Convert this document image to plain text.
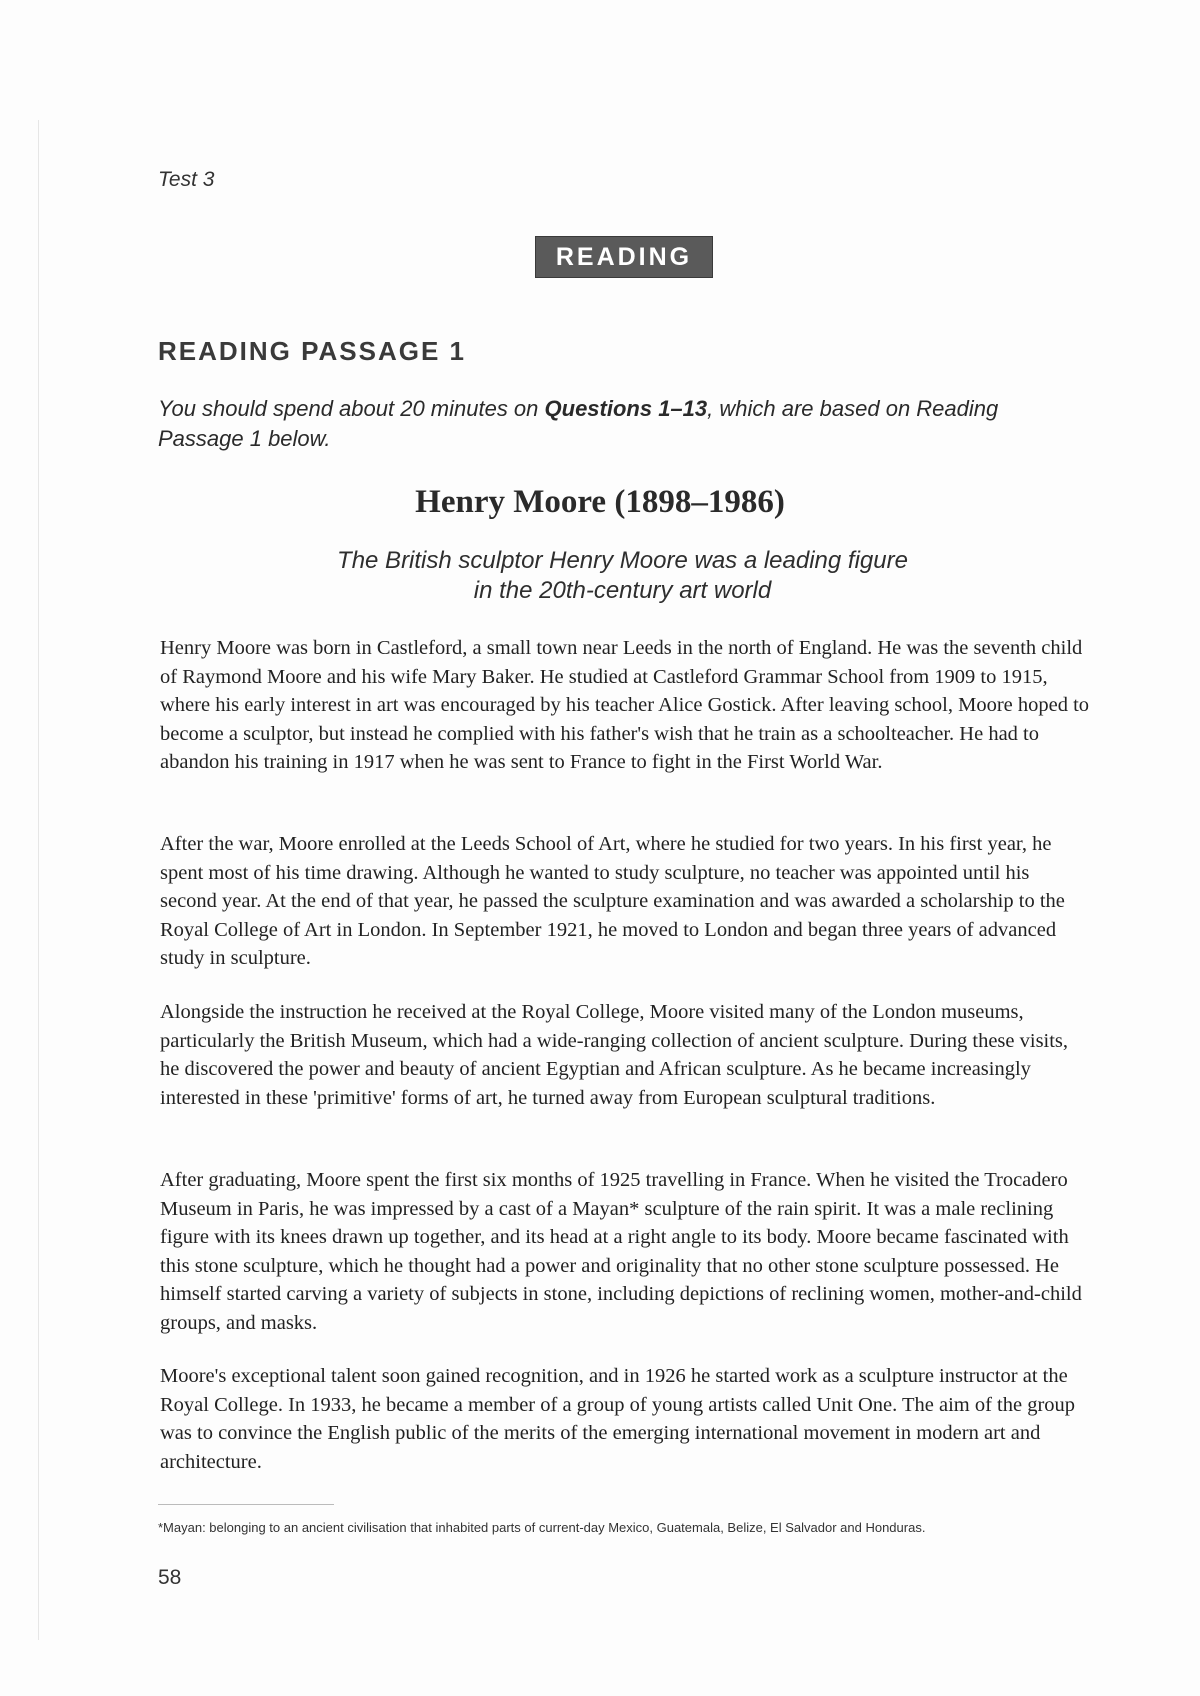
Test 3
READING
READING PASSAGE 1
You should spend about 20 minutes on Questions 1–13, which are based on Reading Passage 1 below.
Henry Moore (1898–1986)
The British sculptor Henry Moore was a leading figure
in the 20th-century art world

Henry Moore was born in Castleford, a small town near Leeds in the north of England. He was the seventh child of Raymond Moore and his wife Mary Baker. He studied at Castleford Grammar School from 1909 to 1915, where his early interest in art was encouraged by his teacher Alice Gostick. After leaving school, Moore hoped to become a sculptor, but instead he complied with his father's wish that he train as a schoolteacher. He had to abandon his training in 1917 when he was sent to France to fight in the First World War.

After the war, Moore enrolled at the Leeds School of Art, where he studied for two years. In his first year, he spent most of his time drawing. Although he wanted to study sculpture, no teacher was appointed until his second year. At the end of that year, he passed the sculpture examination and was awarded a scholarship to the Royal College of Art in London. In September 1921, he moved to London and began three years of advanced study in sculpture.

Alongside the instruction he received at the Royal College, Moore visited many of the London museums, particularly the British Museum, which had a wide-ranging collection of ancient sculpture. During these visits, he discovered the power and beauty of ancient Egyptian and African sculpture. As he became increasingly interested in these 'primitive' forms of art, he turned away from European sculptural traditions.

After graduating, Moore spent the first six months of 1925 travelling in France. When he visited the Trocadero Museum in Paris, he was impressed by a cast of a Mayan* sculpture of the rain spirit. It was a male reclining figure with its knees drawn up together, and its head at a right angle to its body. Moore became fascinated with this stone sculpture, which he thought had a power and originality that no other stone sculpture possessed. He himself started carving a variety of subjects in stone, including depictions of reclining women, mother-and-child groups, and masks.

Moore's exceptional talent soon gained recognition, and in 1926 he started work as a sculpture instructor at the Royal College. In 1933, he became a member of a group of young artists called Unit One. The aim of the group was to convince the English public of the merits of the emerging international movement in modern art and architecture.

*Mayan: belonging to an ancient civilisation that inhabited parts of current-day Mexico, Guatemala, Belize, El Salvador and Honduras.
58
